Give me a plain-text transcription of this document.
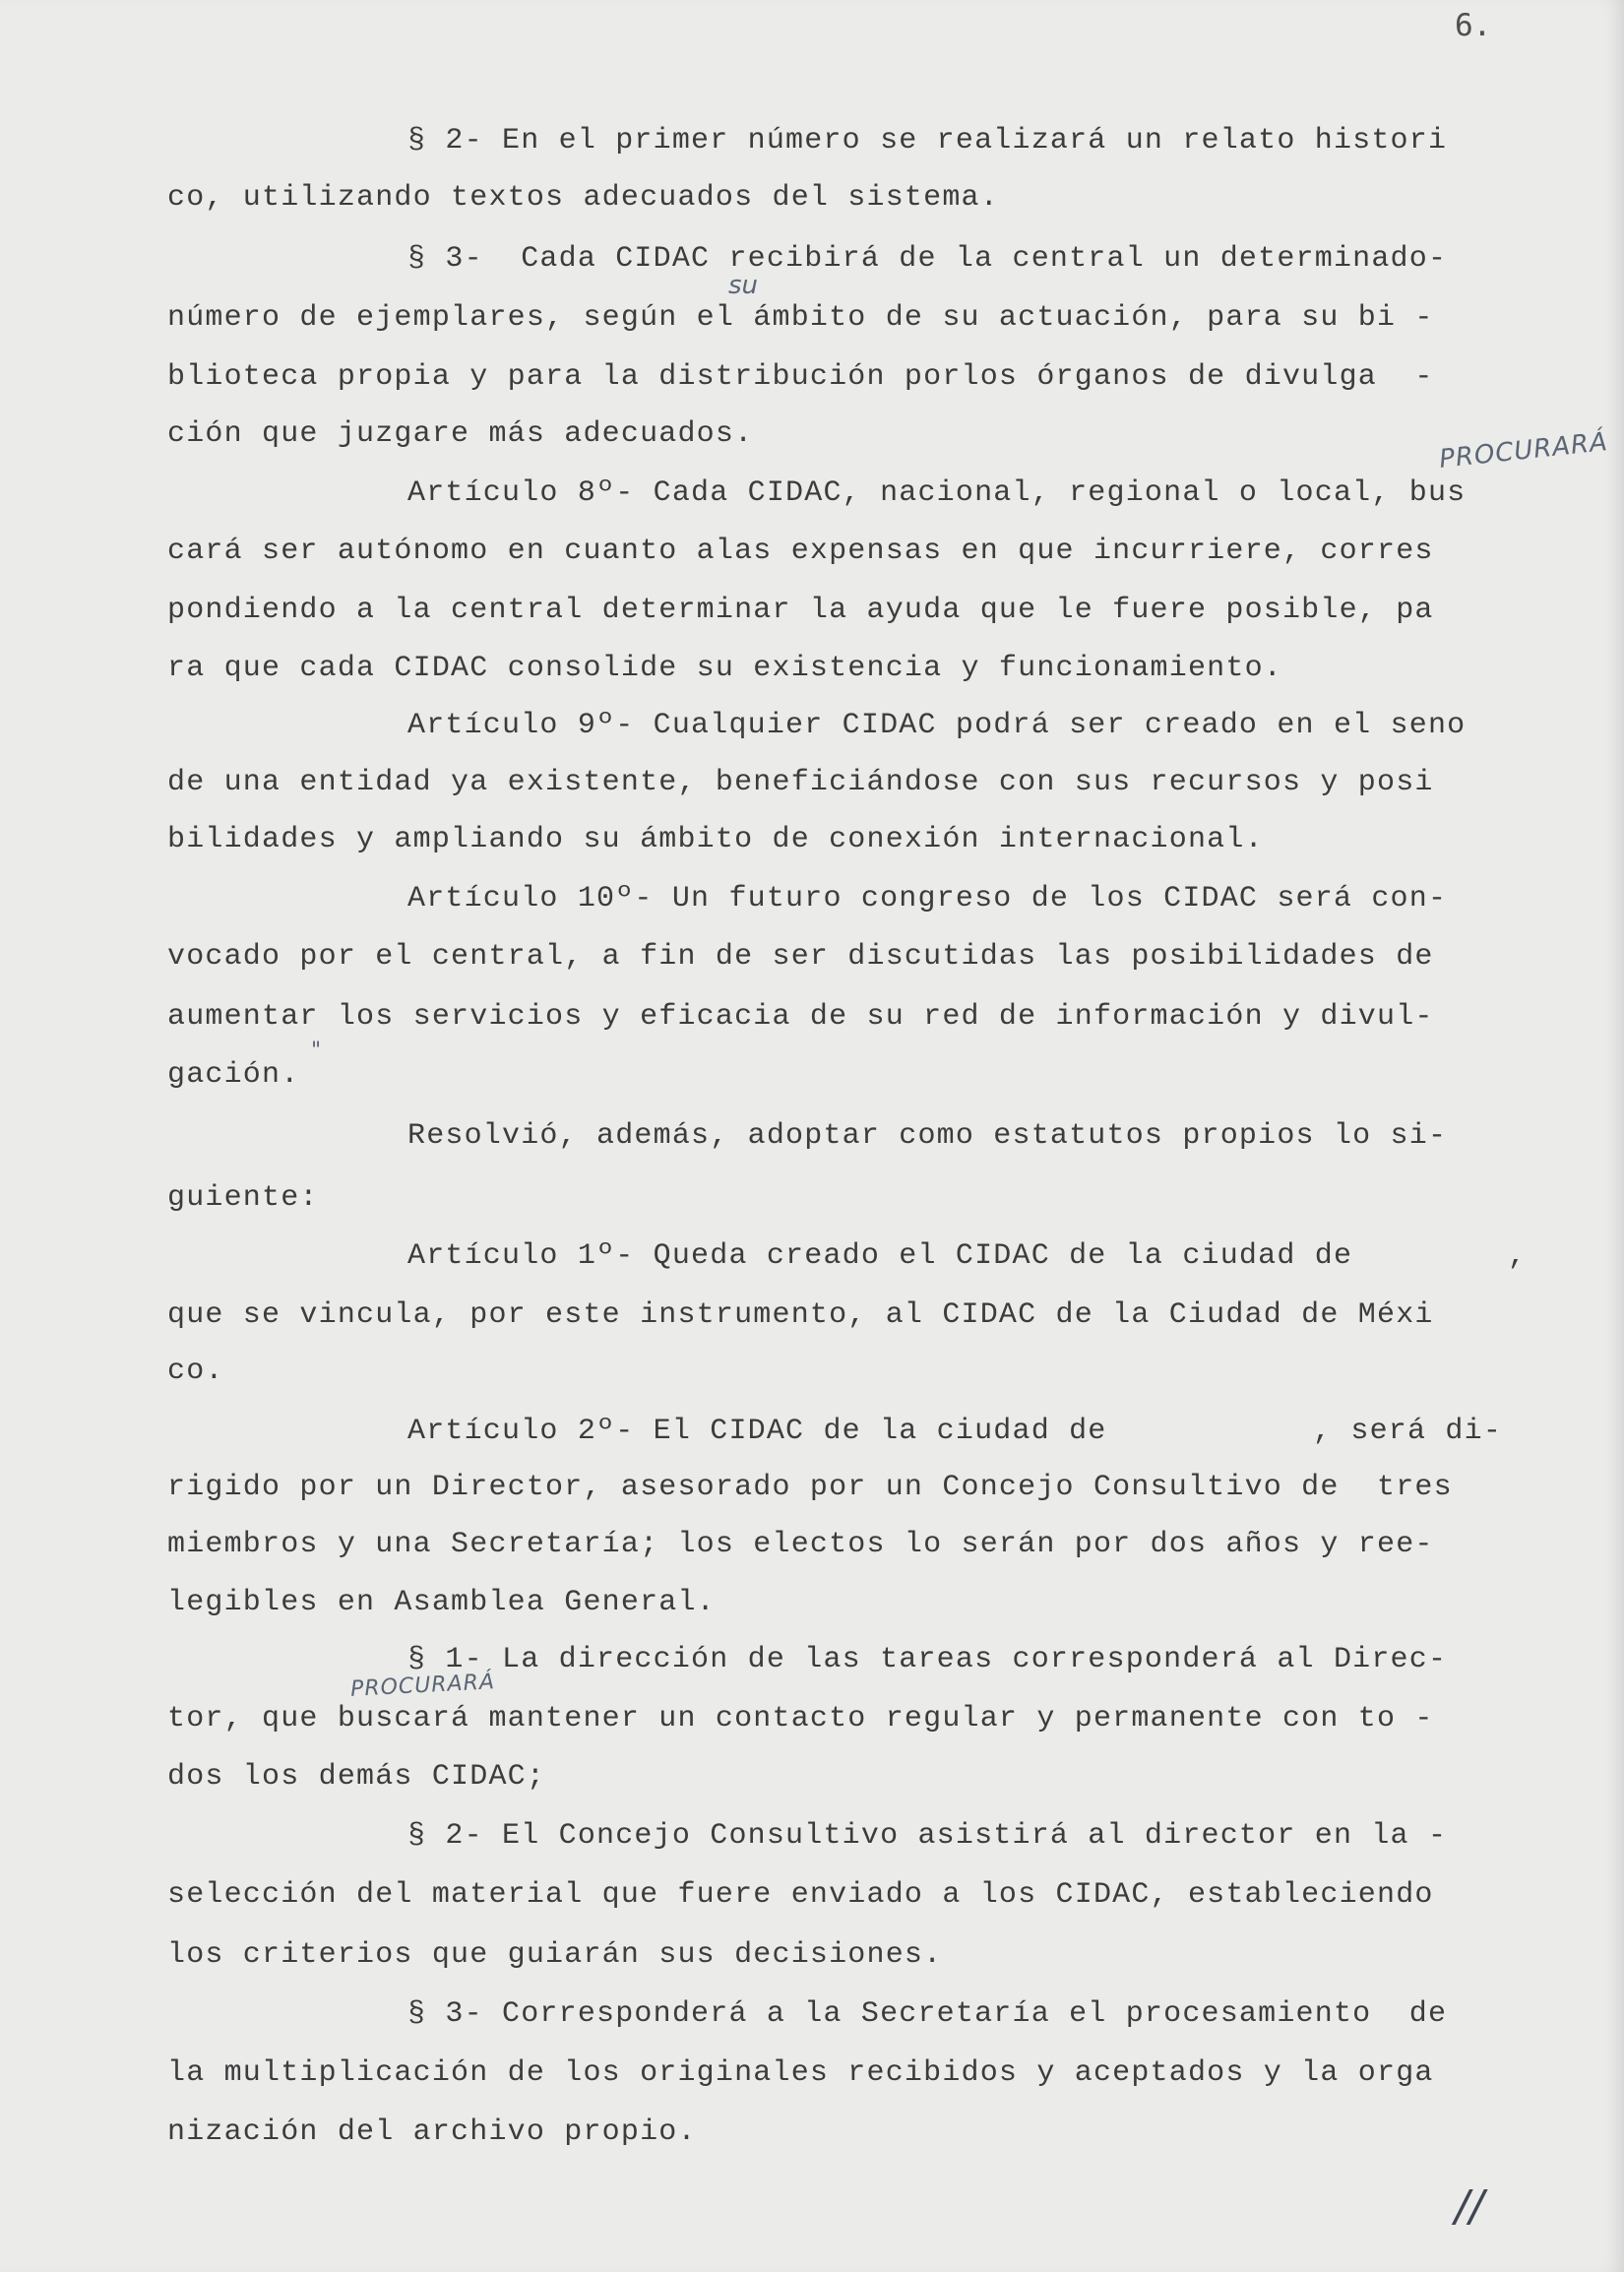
6.
§ 2- En el primer número se realizará un relato histori
co, utilizando textos adecuados del sistema.
§ 3-  Cada CIDAC recibirá de la central un determinado-
número de ejemplares, según el ámbito de su actuación, para su bi -
blioteca propia y para la distribución porlos órganos de divulga  -
ción que juzgare más adecuados.
Artículo 8º- Cada CIDAC, nacional, regional o local, bus
cará ser autónomo en cuanto alas expensas en que incurriere, corres
pondiendo a la central determinar la ayuda que le fuere posible, pa
ra que cada CIDAC consolide su existencia y funcionamiento.
Artículo 9º- Cualquier CIDAC podrá ser creado en el seno
de una entidad ya existente, beneficiándose con sus recursos y posi
bilidades y ampliando su ámbito de conexión internacional.
Artículo 10º- Un futuro congreso de los CIDAC será con-
vocado por el central, a fin de ser discutidas las posibilidades de
aumentar los servicios y eficacia de su red de información y divul-
gación.
Resolvió, además, adoptar como estatutos propios lo si-
guiente:
Artículo 1º- Queda creado el CIDAC de la ciudad de	,
que se vincula, por este instrumento, al CIDAC de la Ciudad de Méxi
co.
Artículo 2º- El CIDAC de la ciudad de	, será di-
rigido por un Director, asesorado por un Concejo Consultivo de  tres
miembros y una Secretaría; los electos lo serán por dos años y ree-
legibles en Asamblea General.
§ 1- La dirección de las tareas corresponderá al Direc-
tor, que buscará mantener un contacto regular y permanente con to -
dos los demás CIDAC;
§ 2- El Concejo Consultivo asistirá al director en la -
selección del material que fuere enviado a los CIDAC, estableciendo
los criterios que guiarán sus decisiones.
§ 3- Corresponderá a la Secretaría el procesamiento  de
la multiplicación de los originales recibidos y aceptados y la orga
nización del archivo propio.
PROCURARÁ
PROCURARÁ
su
"
//
